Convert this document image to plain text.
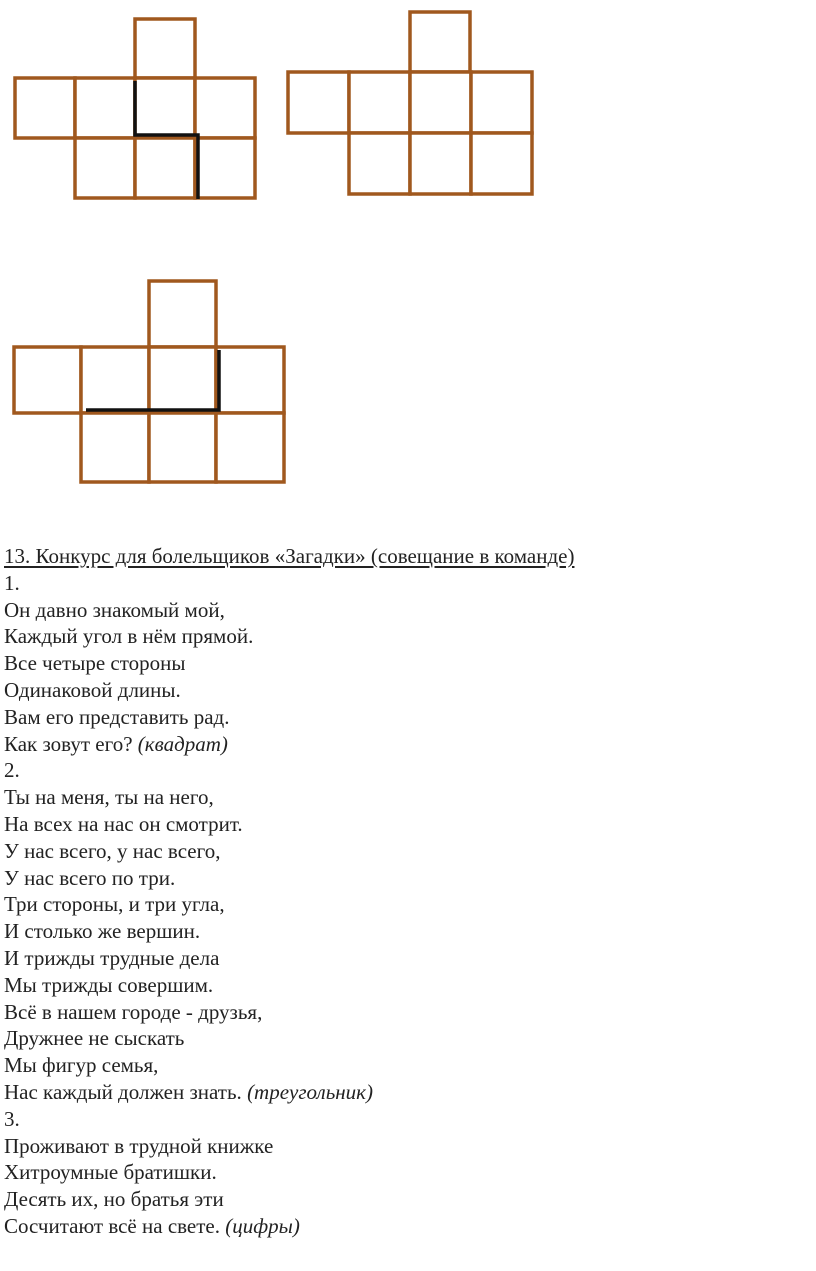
13. Конкурс для болельщиков «Загадки» (совещание в команде)
1.
Он давно знакомый мой,
Каждый угол в нём прямой.
Все четыре стороны
Одинаковой длины.
Вам его представить рад.
Как зовут его? (квадрат)
2.
Ты на меня, ты на него,
На всех на нас он смотрит.
У нас всего, у нас всего,
У нас всего по три.
Три стороны, и три угла,
И столько же вершин.
И трижды трудные дела
Мы трижды совершим.
Всё в нашем городе - друзья,
Дружнее не сыскать
Мы фигур семья,
Нас каждый должен знать. (треугольник)
3.
Проживают в трудной книжке
Хитроумные братишки.
Десять их, но братья эти
Сосчитают всё на свете. (цифры)
